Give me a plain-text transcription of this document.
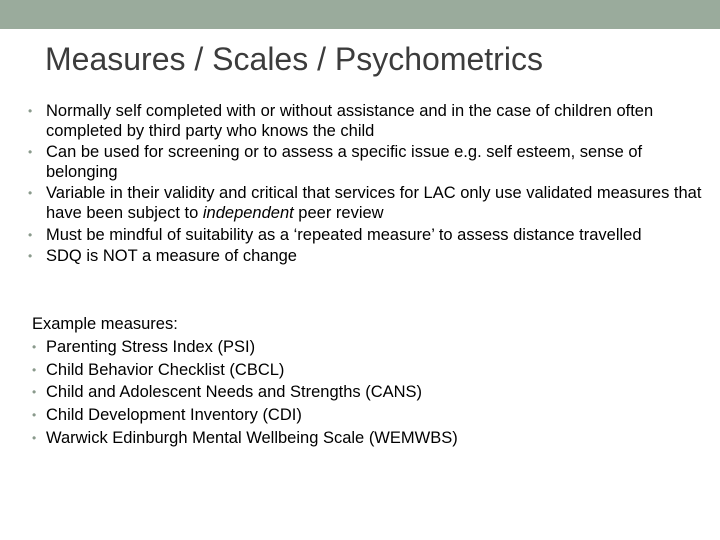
Measures / Scales / Psychometrics
• Normally self completed with or without assistance and in the case of children often completed by third party who knows the child
• Can be used for screening or to assess a specific issue e.g. self esteem, sense of belonging
• Variable in their validity and critical that services for LAC only use validated measures that have been subject to independent peer review
• Must be mindful of suitability as a ‘repeated measure’ to assess distance travelled
• SDQ is NOT a measure of change
Example measures:
• Parenting Stress Index (PSI)
• Child Behavior Checklist (CBCL)
• Child and Adolescent Needs and Strengths (CANS)
• Child Development Inventory (CDI)
• Warwick Edinburgh Mental Wellbeing Scale (WEMWBS)
